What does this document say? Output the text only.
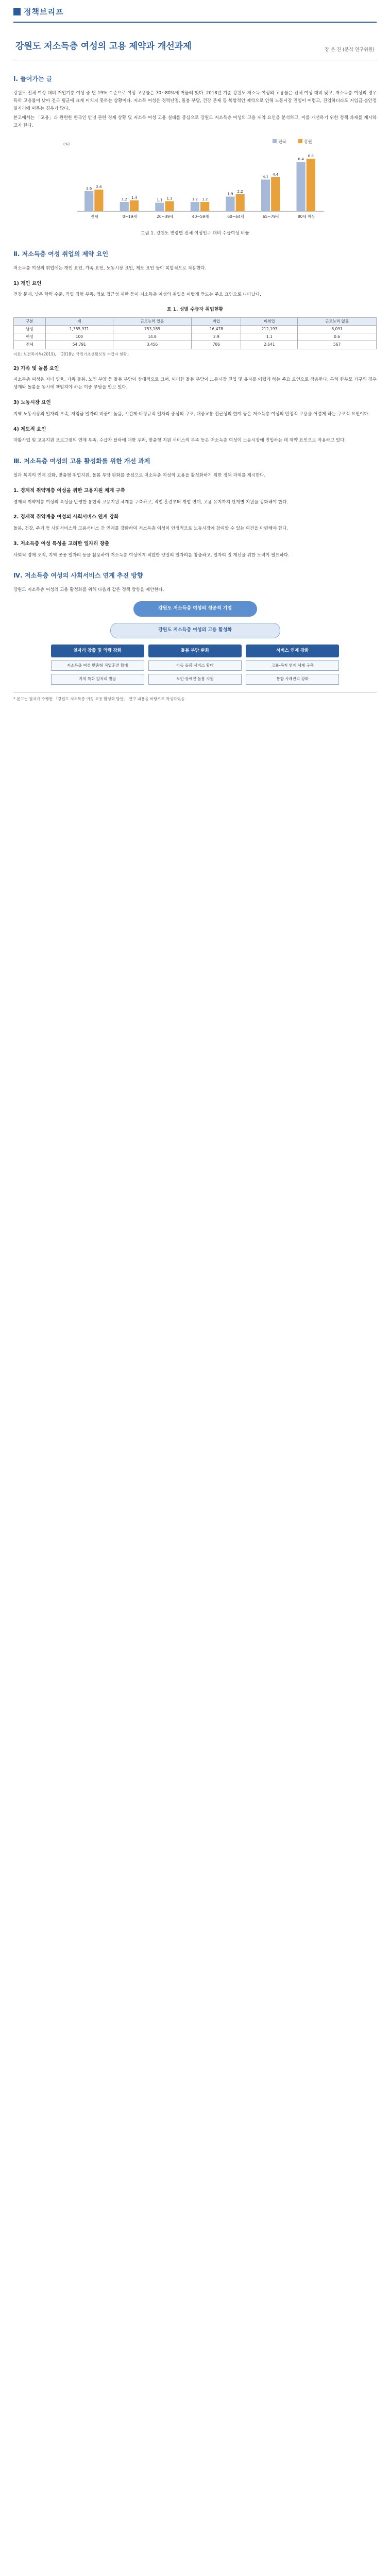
정책브리프
강원도 저소득층 여성의 고용 제약과 개선과제	장 은 진 (분석 연구위원)
Ⅰ. 들어가는 글

강원도 전체 여성 대비 저인기층 여성 중 단 19% 수준으로 여성 고용률은 70~80%에 머물러 있다. 2018년 기준 강원도 저소득 여성의 고용률은 전체 여성 대비 낮고, 저소득층 여성의 경우 특히 고용률이 낮아 전국 평균에 크게 미치지 못하는 상황이다. 저소득 여성은 경력단절, 돌봄 부담, 건강 문제 등 복합적인 제약으로 인해 노동시장 진입이 어렵고, 진입하더라도 저임금·불안정 일자리에 머무는 경우가 많다.

본고에서는 「고용」과 관련한 한국인 안녕 관련 경제 상황 및 저소득 여성 고용 실태를 중심으로 강원도 저소득층 여성의 고용 제약 요인을 분석하고, 이를 개선하기 위한 정책 과제를 제시하고자 한다.

전국	강원
2.6 2.8
전체
1.2 1.4
0~19세
1.1 1.3
20~39세
1.2 1.2
40~59세
1.9
2.2
60~64세
4.1
4.4
65~79세
6.4
6.8
80세 이상
(%)
그림 1. 강원도 연령별 전체 여성인구 대비 수급여성 비율
Ⅱ. 저소득층 여성 취업의 제약 요인

저소득층 여성의 취업에는 개인 요인, 가족 요인, 노동시장 요인, 제도 요인 등이 복합적으로 작용한다.

1) 개인 요인

건강 문제, 낮은 학력 수준, 직업 경험 부족, 정보 접근성 제한 등이 저소득층 여성의 취업을 어렵게 만드는 주요 요인으로 나타났다.

표 1. 성별 수급자 취업현황
구분	계	근로능력 있음	취업	미취업	근로능력 없음
남성	1,355,971	753,189	16,478	212,193	8,091
여성	100	14.8	2.9	1.1	0.6
전체	54,791	3,456	786	2,641	567
자료: 보건복지부(2019), 「2018년 국민기초생활보장 수급자 현황」
2) 가족 및 돌봄 요인

저소득층 여성은 자녀 양육, 가족 돌봄, 노인 부양 등 돌봄 부담이 상대적으로 크며, 이러한 돌봄 부담이 노동시장 진입 및 유지를 어렵게 하는 주요 요인으로 작용한다. 특히 한부모 가구의 경우 생계와 돌봄을 동시에 책임져야 하는 이중 부담을 안고 있다.

3) 노동시장 요인

지역 노동시장의 일자리 부족, 저임금 일자리 비중이 높음, 시간제·비정규직 일자리 중심의 구조, 대중교통 접근성의 한계 등은 저소득층 여성의 안정적 고용을 어렵게 하는 구조적 요인이다.

4) 제도적 요인

자활사업 및 고용지원 프로그램의 연계 부족, 수급자 탈락에 대한 우려, 맞춤형 지원 서비스의 부족 등은 저소득층 여성이 노동시장에 진입하는 데 제약 요인으로 작용하고 있다.

Ⅲ. 저소득층 여성의 고용 활성화를 위한 개선 과제

일과 복지의 연계 강화, 맞춤형 취업지원, 돌봄 부담 완화를 중심으로 저소득층 여성의 고용을 활성화하기 위한 정책 과제를 제시한다.

1. 경제적 취약계층 여성을 위한 고용지원 체계 구축

경제적 취약계층 여성의 특성을 반영한 통합적 고용지원 체계를 구축하고, 직업 훈련부터 취업 연계, 고용 유지까지 단계별 지원을 강화해야 한다.

2. 경제적 취약계층 여성의 사회서비스 연계 강화

돌봄, 건강, 주거 등 사회서비스와 고용서비스 간 연계를 강화하여 저소득층 여성이 안정적으로 노동시장에 참여할 수 있는 여건을 마련해야 한다.

3. 저소득층 여성 특성을 고려한 일자리 창출

사회적 경제 조직, 지역 공공 일자리 등을 활용하여 저소득층 여성에게 적합한 양질의 일자리를 창출하고, 일자리 질 개선을 위한 노력이 필요하다.

Ⅳ. 저소득층 여성의 사회서비스 연계 추진 방향

강원도 저소득층 여성의 고용 활성화를 위해 다음과 같은 정책 방향을 제안한다.

강원도 저소득층 여성의 성공적 기업
강원도 저소득층 여성의 고용 활성화
일자리 창출 및 역량 강화
저소득층 여성 맞춤형 직업훈련 확대
지역 특화 일자리 발굴
돌봄 부담 완화
아동 돌봄 서비스 확대
노인·장애인 돌봄 지원
서비스 연계 강화
고용-복지 연계 체계 구축
통합 사례관리 강화
* 본고는 필자가 수행한 「강원도 저소득층 여성 고용 활성화 방안」 연구 내용을 바탕으로 작성하였음.
